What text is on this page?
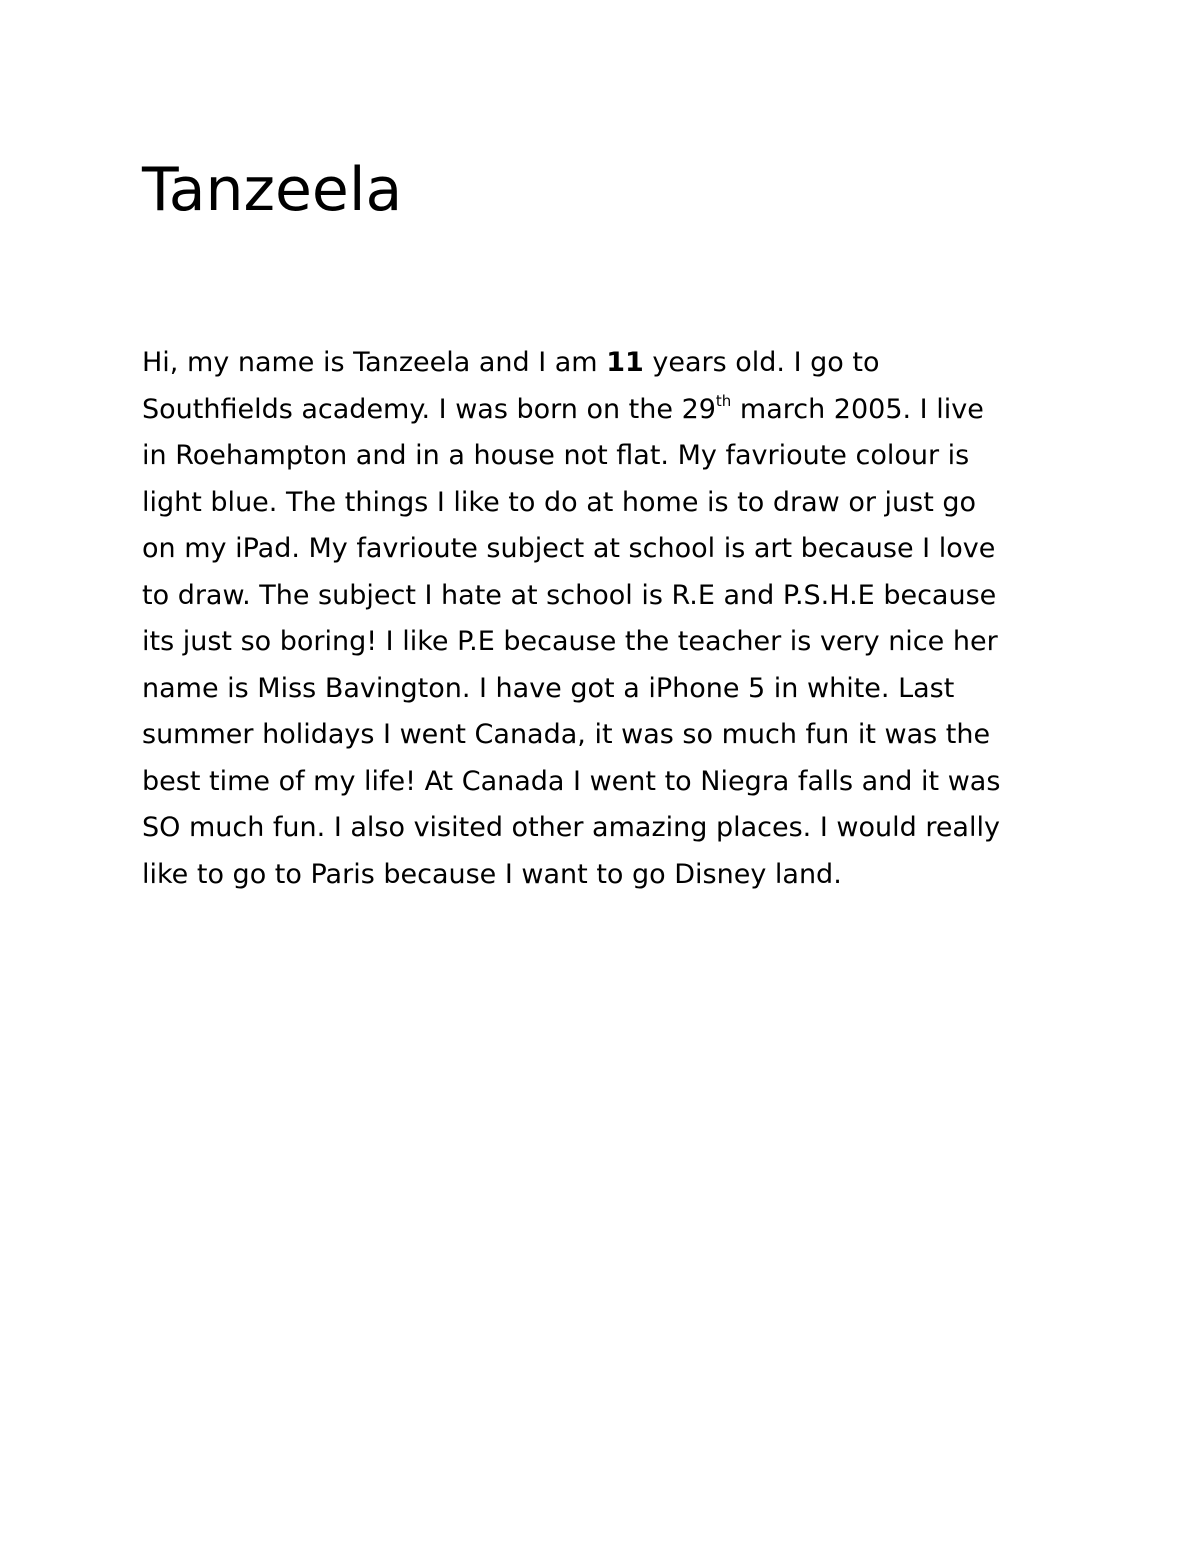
Tanzeela

Hi, my name is Tanzeela and I am 11 years old. I go to
Southfields academy. I was born on the 29th march 2005. I live
in Roehampton and in a house not flat. My favrioute colour is
light blue. The things I like to do at home is to draw or just go
on my iPad. My favrioute subject at school is art because I love
to draw. The subject I hate at school is R.E and P.S.H.E because
its just so boring! I like P.E because the teacher is very nice her
name is Miss Bavington. I have got a iPhone 5 in white. Last
summer holidays I went Canada, it was so much fun it was the
best time of my life! At Canada I went to Niegra falls and it was
SO much fun. I also visited other amazing places. I would really
like to go to Paris because I want to go Disney land.
